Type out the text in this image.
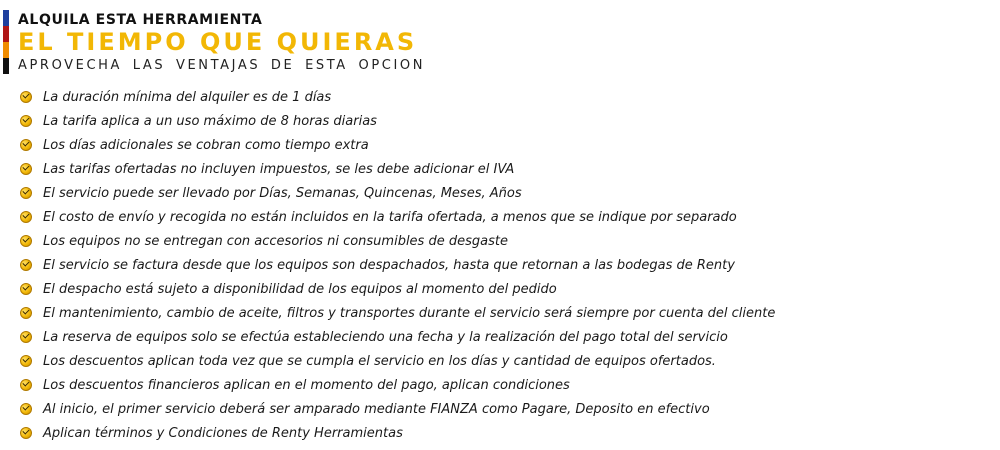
ALQUILA ESTA HERRAMIENTA
EL TIEMPO QUE QUIERAS
APROVECHA LAS VENTAJAS DE ESTA OPCION
La duración mínima del alquiler es de 1 días
La tarifa aplica a un uso máximo de 8 horas diarias
Los días adicionales se cobran como tiempo extra
Las tarifas ofertadas no incluyen impuestos, se les debe adicionar el IVA
El servicio puede ser llevado por Días, Semanas, Quincenas, Meses, Años
El costo de envío y recogida no están incluidos en la tarifa ofertada, a menos que se indique por separado
Los equipos no se entregan con accesorios ni consumibles de desgaste
El servicio se factura desde que los equipos son despachados, hasta que retornan a las bodegas de Renty
El despacho está sujeto a disponibilidad de los equipos al momento del pedido
El mantenimiento, cambio de aceite, filtros y transportes durante el servicio será siempre por cuenta del cliente
La reserva de equipos solo se efectúa estableciendo una fecha y la realización del pago total del servicio
Los descuentos aplican toda vez que se cumpla el servicio en los días y cantidad de equipos ofertados.
Los descuentos financieros aplican en el momento del pago, aplican condiciones
Al inicio, el primer servicio deberá ser amparado mediante FIANZA como Pagare, Deposito en efectivo
Aplican términos y Condiciones de Renty Herramientas
